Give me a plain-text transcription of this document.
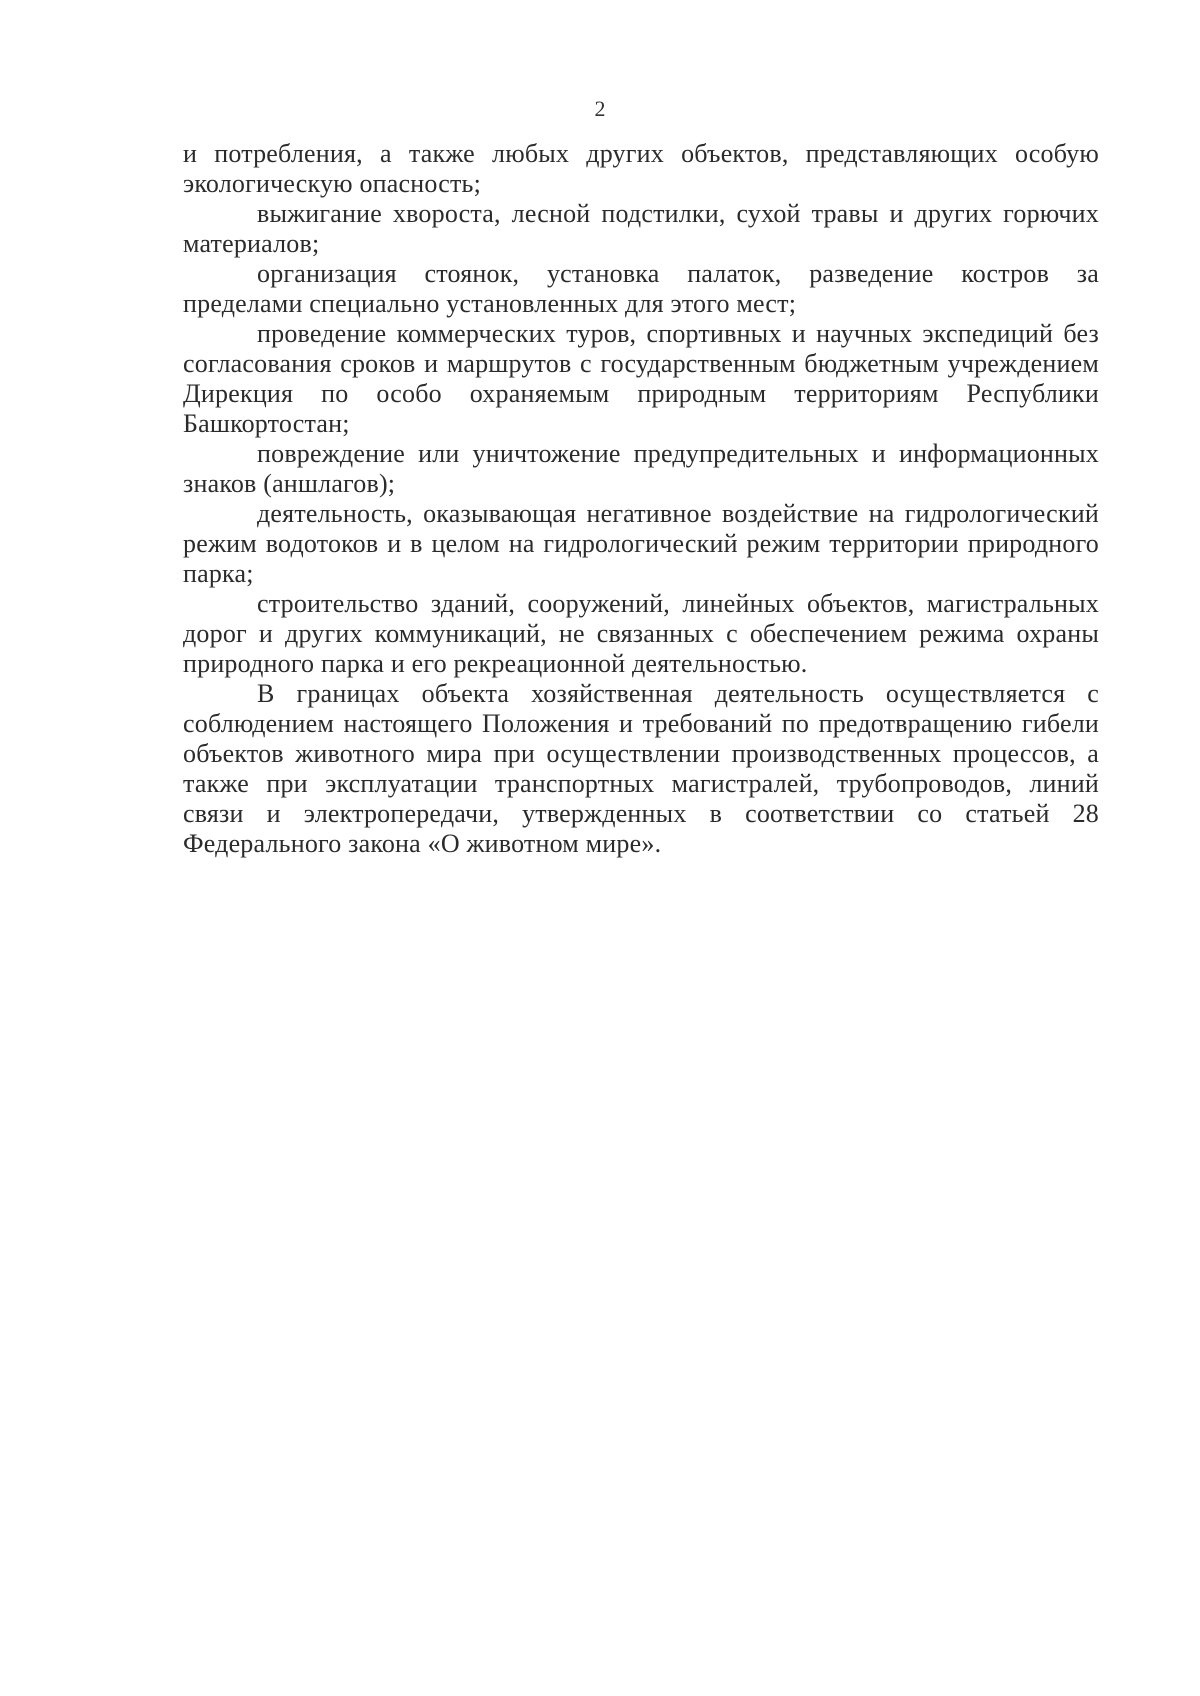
2

и потребления, а также любых других объектов, представляющих особую экологическую опасность;

выжигание хвороста, лесной подстилки, сухой травы и других горючих материалов;

организация стоянок, установка палаток, разведение костров за пределами специально установленных для этого мест;

проведение коммерческих туров, спортивных и научных экспедиций без согласования сроков и маршрутов с государственным бюджетным учреждением Дирекция по особо охраняемым природным территориям Республики Башкортостан;

повреждение или уничтожение предупредительных и информационных знаков (аншлагов);

деятельность, оказывающая негативное воздействие на гидрологический режим водотоков и в целом на гидрологический режим территории природного парка;

строительство зданий, сооружений, линейных объектов, магистральных дорог и других коммуникаций, не связанных с обеспечением режима охраны природного парка и его рекреационной деятельностью.

В границах объекта хозяйственная деятельность осуществляется с соблюдением настоящего Положения и требований по предотвращению гибели объектов животного мира при осуществлении производственных процессов, а также при эксплуатации транспортных магистралей, трубопроводов, линий связи и электропередачи, утвержденных в соответствии со статьей 28 Федерального закона «О животном мире».
